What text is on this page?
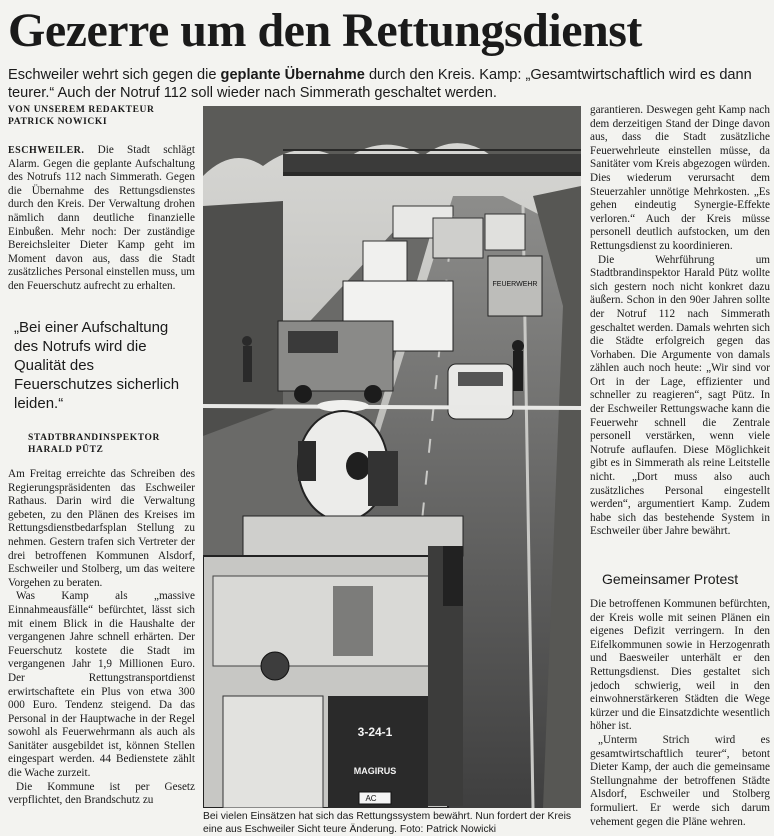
Gezerre um den Rettungsdienst
Eschweiler wehrt sich gegen die geplante Übernahme durch den Kreis. Kamp: „Gesamtwirtschaftlich wird es dann teurer.“ Auch der Notruf 112 soll wieder nach Simmerath geschaltet werden.
VON UNSEREM REDAKTEUR
PATRICK NOWICKI

ESCHWEILER. Die Stadt schlägt Alarm. Gegen die geplante Aufschaltung des Notrufs 112 nach Simmerath. Gegen die Übernahme des Rettungsdienstes durch den Kreis. Der Verwaltung drohen nämlich dann deutliche finanzielle Einbußen. Mehr noch: Der zuständige Bereichsleiter Dieter Kamp geht im Moment davon aus, dass die Stadt zusätzliches Personal einstellen muss, um den Feuerschutz aufrecht zu erhalten.

„Bei einer Aufschaltung des Notrufs wird die Qualität des Feuerschutzes sicherlich leiden.“
STADTBRANDINSPEKTOR
HARALD PÜTZ

Am Freitag erreichte das Schreiben des Regierungspräsidenten das Eschweiler Rathaus. Darin wird die Verwaltung gebeten, zu den Plänen des Kreises im Rettungsdienstbedarfsplan Stellung zu nehmen. Gestern trafen sich Vertreter der drei betroffenen Kommunen Alsdorf, Eschweiler und Stolberg, um das weitere Vorgehen zu beraten.

Was Kamp als „massive Einnahmeausfälle“ befürchtet, lässt sich mit einem Blick in die Haushalte der vergangenen Jahre schnell erhärten. Der Feuerschutz kostete die Stadt im vergangenen Jahr 1,9 Millionen Euro. Der Rettungstransportdienst erwirtschaftete ein Plus von etwa 300 000 Euro. Tendenz steigend. Da das Personal in der Hauptwache in der Regel sowohl als Feuerwehrmann als auch als Sanitäter ausgebildet ist, können Stellen eingespart werden. 44 Bedienstete zählt die Wache zurzeit.

Die Kommune ist per Gesetz verpflichtet, den Brandschutz zu

FEUERWEHR
3-24-1
MAGIRUS
AC
Bei vielen Einsätzen hat sich das Rettungssystem bewährt. Nun fordert der Kreis eine aus Eschweiler Sicht teure Änderung. Foto: Patrick Nowicki

garantieren. Deswegen geht Kamp nach dem derzeitigen Stand der Dinge davon aus, dass die Stadt zusätzliche Feuerwehrleute einstellen müsse, da Sanitäter vom Kreis abgezogen würden. Dies wiederum verursacht dem Steuerzahler unnötige Mehrkosten. „Es gehen eindeutig Synergie-Effekte verloren.“ Auch der Kreis müsse personell deutlich aufstocken, um den Rettungsdienst zu koordinieren.

Die Wehrführung um Stadtbrandinspektor Harald Pütz wollte sich gestern noch nicht konkret dazu äußern. Schon in den 90er Jahren sollte der Notruf 112 nach Simmerath geschaltet werden. Damals wehrten sich die Städte erfolgreich gegen das Vorhaben. Die Argumente von damals zählen auch noch heute: „Wir sind vor Ort in der Lage, effizienter und schneller zu reagieren“, sagt Pütz. In der Eschweiler Rettungswache kann die Feuerwehr schnell die Zentrale personell verstärken, wenn viele Notrufe auflaufen. Diese Möglichkeit gibt es in Simmerath als reine Leitstelle nicht. „Dort muss also auch zusätzliches Personal eingestellt werden“, argumentiert Kamp. Zudem habe sich das bestehende System in Eschweiler über Jahre bewährt.

Gemeinsamer Protest

Die betroffenen Kommunen befürchten, der Kreis wolle mit seinen Plänen ein eigenes Defizit verringern. In den Eifelkommunen sowie in Herzogenrath und Baesweiler unterhält er den Rettungsdienst. Dies gestaltet sich jedoch schwierig, weil in den einwohnerstärkeren Städten die Wege kürzer und die Einsatzdichte wesentlich höher ist.

„Unterm Strich wird es gesamtwirtschaftlich teurer“, betont Dieter Kamp, der auch die gemeinsame Stellungnahme der betroffenen Städte Alsdorf, Eschweiler und Stolberg formuliert. Er werde sich darum vehement gegen die Pläne wehren.
